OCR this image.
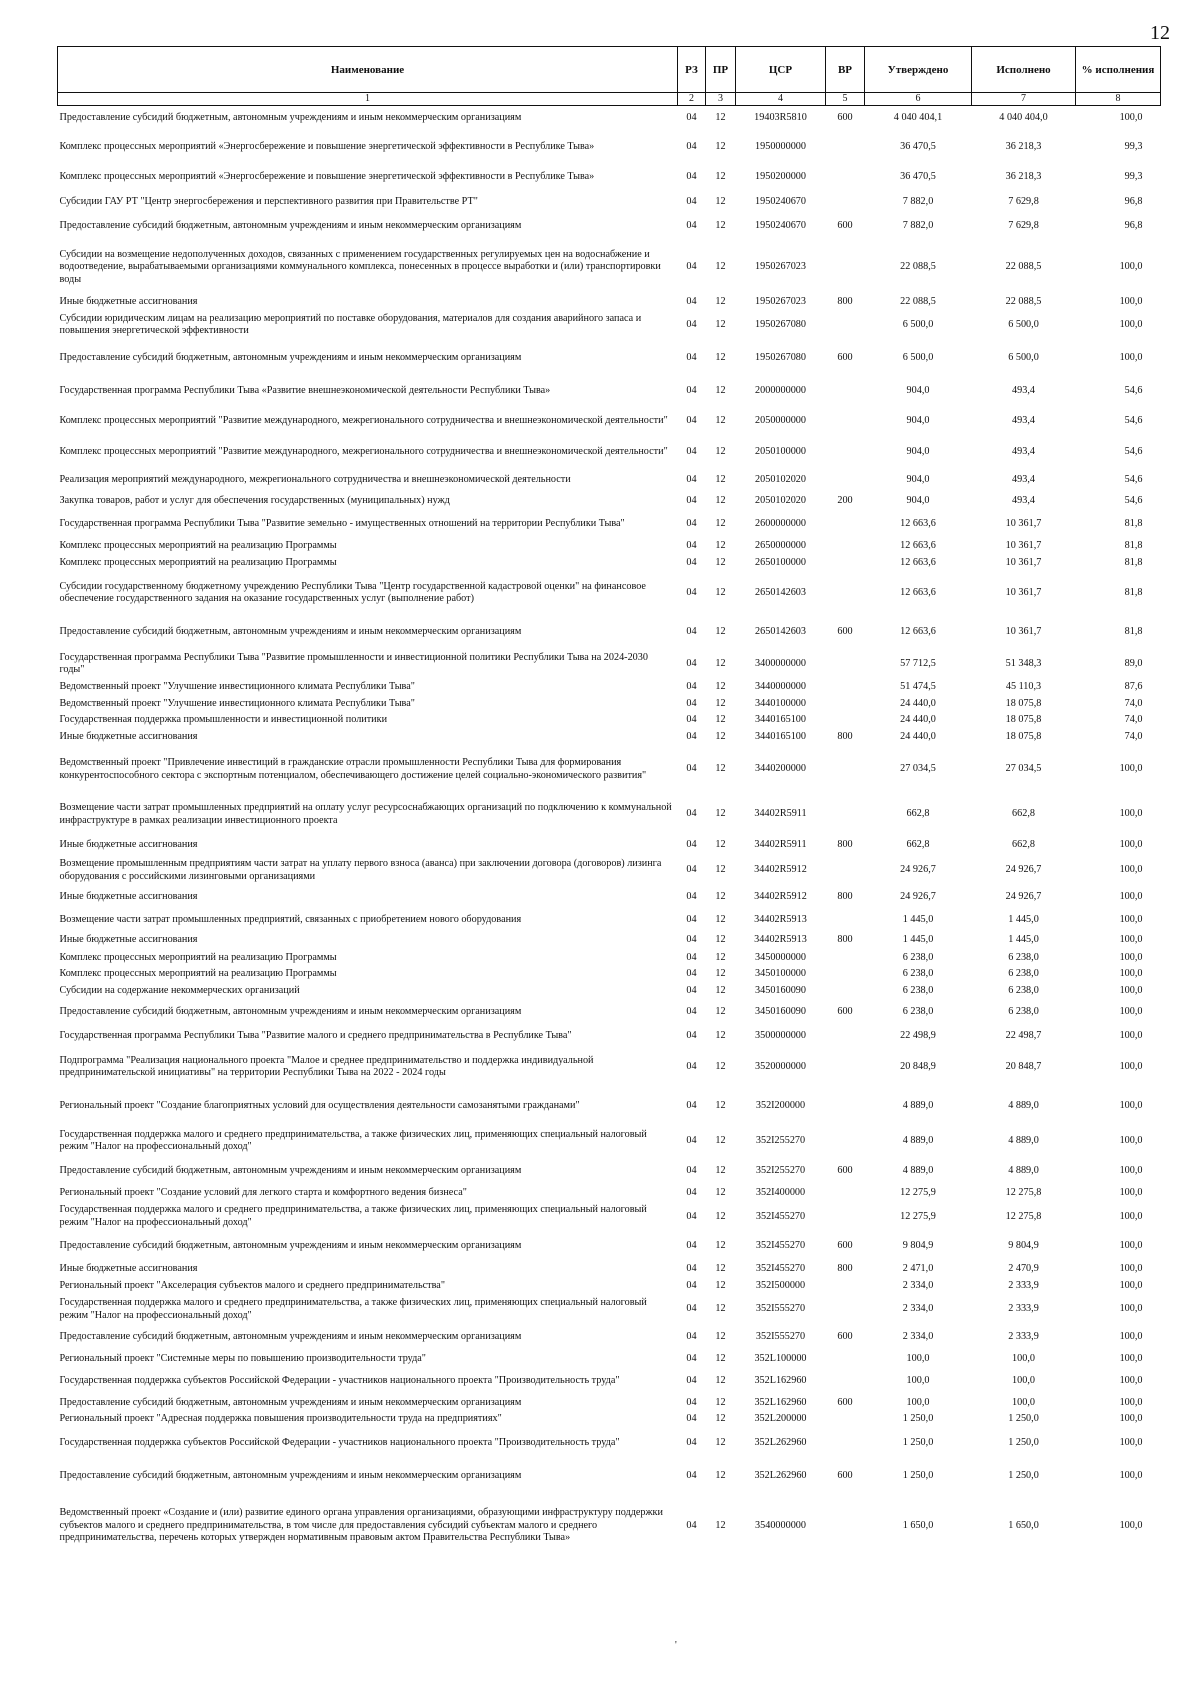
12
Наименование	РЗ	ПР	ЦСР	ВР	Утверждено	Исполнено	% исполнения
1	2	3	4	5	6	7	8
Предоставление субсидий бюджетным, автономным учреждениям и иным некоммерческим организациям	04	12	19403R5810	600	4 040 404,1	4 040 404,0	100,0
Комплекс процессных мероприятий «Энергосбережение и повышение энергетической эффективности в Республике Тыва»	04	12	1950000000		36 470,5	36 218,3	99,3
Комплекс процессных мероприятий «Энергосбережение и повышение энергетической эффективности в Республике Тыва»	04	12	1950200000		36 470,5	36 218,3	99,3
Субсидии ГАУ РТ "Центр энергосбережения и перспективного развития при Правительстве РТ"	04	12	1950240670		7 882,0	7 629,8	96,8
Предоставление субсидий бюджетным, автономным учреждениям и иным некоммерческим организациям	04	12	1950240670	600	7 882,0	7 629,8	96,8
Субсидии на возмещение недополученных доходов, связанных с применением государственных регулируемых цен на водоснабжение и водоотведение, вырабатываемыми организациями коммунального комплекса, понесенных в процессе выработки и (или) транспортировки воды	04	12	1950267023		22 088,5	22 088,5	100,0
Иные бюджетные ассигнования	04	12	1950267023	800	22 088,5	22 088,5	100,0
Субсидии юридическим лицам на реализацию мероприятий по поставке оборудования, материалов для создания аварийного запаса и повышения энергетической эффективности	04	12	1950267080		6 500,0	6 500,0	100,0
Предоставление субсидий бюджетным, автономным учреждениям и иным некоммерческим организациям	04	12	1950267080	600	6 500,0	6 500,0	100,0
Государственная программа Республики Тыва «Развитие внешнеэкономической деятельности Республики Тыва»	04	12	2000000000		904,0	493,4	54,6
Комплекс процессных мероприятий "Развитие международного, межрегионального сотрудничества и внешнеэкономической деятельности"	04	12	2050000000		904,0	493,4	54,6
Комплекс процессных мероприятий "Развитие международного, межрегионального сотрудничества и внешнеэкономической деятельности"	04	12	2050100000		904,0	493,4	54,6
Реализация мероприятий международного, межрегионального сотрудничества и внешнеэкономической деятельности	04	12	2050102020		904,0	493,4	54,6
Закупка товаров, работ и услуг для обеспечения государственных (муниципальных) нужд	04	12	2050102020	200	904,0	493,4	54,6
Государственная программа Республики Тыва "Развитие земельно - имущественных отношений на территории Республики Тыва"	04	12	2600000000		12 663,6	10 361,7	81,8
Комплекс процессных мероприятий на реализацию Программы	04	12	2650000000		12 663,6	10 361,7	81,8
Комплекс процессных мероприятий на реализацию Программы	04	12	2650100000		12 663,6	10 361,7	81,8
Субсидии государственному бюджетному учреждению Республики Тыва "Центр государственной кадастровой оценки" на финансовое обеспечение государственного задания на оказание государственных услуг (выполнение работ)	04	12	2650142603		12 663,6	10 361,7	81,8
Предоставление субсидий бюджетным, автономным учреждениям и иным некоммерческим организациям	04	12	2650142603	600	12 663,6	10 361,7	81,8
Государственная программа Республики Тыва "Развитие промышленности и инвестиционной политики Республики Тыва на 2024-2030 годы"	04	12	3400000000		57 712,5	51 348,3	89,0
Ведомственный проект "Улучшение инвестиционного климата Республики Тыва"	04	12	3440000000		51 474,5	45 110,3	87,6
Ведомственный проект "Улучшение инвестиционного климата Республики Тыва"	04	12	3440100000		24 440,0	18 075,8	74,0
Государственная поддержка промышленности и инвестиционной политики	04	12	3440165100		24 440,0	18 075,8	74,0
Иные бюджетные ассигнования	04	12	3440165100	800	24 440,0	18 075,8	74,0
Ведомственный проект "Привлечение инвестиций в гражданские отрасли промышленности Республики Тыва для формирования конкурентоспособного сектора с экспортным потенциалом, обеспечивающего достижение целей социально-экономического развития"	04	12	3440200000		27 034,5	27 034,5	100,0
Возмещение части затрат промышленных предприятий на оплату услуг ресурсоснабжающих организаций по подключению к коммунальной инфраструктуре в рамках реализации инвестиционного проекта	04	12	34402R5911		662,8	662,8	100,0
Иные бюджетные ассигнования	04	12	34402R5911	800	662,8	662,8	100,0
Возмещение промышленным предприятиям части затрат на уплату первого взноса (аванса) при заключении договора (договоров) лизинга оборудования с российскими лизинговыми организациями	04	12	34402R5912		24 926,7	24 926,7	100,0
Иные бюджетные ассигнования	04	12	34402R5912	800	24 926,7	24 926,7	100,0
Возмещение части затрат промышленных предприятий, связанных с приобретением нового оборудования	04	12	34402R5913		1 445,0	1 445,0	100,0
Иные бюджетные ассигнования	04	12	34402R5913	800	1 445,0	1 445,0	100,0
Комплекс процессных мероприятий на реализацию Программы	04	12	3450000000		6 238,0	6 238,0	100,0
Комплекс процессных мероприятий на реализацию Программы	04	12	3450100000		6 238,0	6 238,0	100,0
Субсидии на содержание некоммерческих организаций	04	12	3450160090		6 238,0	6 238,0	100,0
Предоставление субсидий бюджетным, автономным учреждениям и иным некоммерческим организациям	04	12	3450160090	600	6 238,0	6 238,0	100,0
Государственная программа Республики Тыва "Развитие малого и среднего предпринимательства в Республике Тыва"	04	12	3500000000		22 498,9	22 498,7	100,0
Подпрограмма "Реализация национального проекта "Малое и среднее предпринимательство и поддержка индивидуальной предпринимательской инициативы" на территории Республики Тыва на 2022 - 2024 годы	04	12	3520000000		20 848,9	20 848,7	100,0
Региональный проект "Создание благоприятных условий для осуществления деятельности самозанятыми гражданами"	04	12	352I200000		4 889,0	4 889,0	100,0
Государственная поддержка малого и среднего предпринимательства, а также физических лиц, применяющих специальный налоговый режим "Налог на профессиональный доход"	04	12	352I255270		4 889,0	4 889,0	100,0
Предоставление субсидий бюджетным, автономным учреждениям и иным некоммерческим организациям	04	12	352I255270	600	4 889,0	4 889,0	100,0
Региональный проект "Создание условий для легкого старта и комфортного ведения бизнеса"	04	12	352I400000		12 275,9	12 275,8	100,0
Государственная поддержка малого и среднего предпринимательства, а также физических лиц, применяющих специальный налоговый режим "Налог на профессиональный доход"	04	12	352I455270		12 275,9	12 275,8	100,0
Предоставление субсидий бюджетным, автономным учреждениям и иным некоммерческим организациям	04	12	352I455270	600	9 804,9	9 804,9	100,0
Иные бюджетные ассигнования	04	12	352I455270	800	2 471,0	2 470,9	100,0
Региональный проект "Акселерация субъектов малого и среднего предпринимательства"	04	12	352I500000		2 334,0	2 333,9	100,0
Государственная поддержка малого и среднего предпринимательства, а также физических лиц, применяющих специальный налоговый режим "Налог на профессиональный доход"	04	12	352I555270		2 334,0	2 333,9	100,0
Предоставление субсидий бюджетным, автономным учреждениям и иным некоммерческим организациям	04	12	352I555270	600	2 334,0	2 333,9	100,0
Региональный проект "Системные меры по повышению производительности труда"	04	12	352L100000		100,0	100,0	100,0
Государственная поддержка субъектов Российской Федерации - участников национального проекта "Производительность труда"	04	12	352L162960		100,0	100,0	100,0
Предоставление субсидий бюджетным, автономным учреждениям и иным некоммерческим организациям	04	12	352L162960	600	100,0	100,0	100,0
Региональный проект "Адресная поддержка повышения производительности труда на предприятиях"	04	12	352L200000		1 250,0	1 250,0	100,0
Государственная поддержка субъектов Российской Федерации - участников национального проекта "Производительность труда"	04	12	352L262960		1 250,0	1 250,0	100,0
Предоставление субсидий бюджетным, автономным учреждениям и иным некоммерческим организациям	04	12	352L262960	600	1 250,0	1 250,0	100,0
Ведомственный проект «Создание и (или) развитие единого органа управления организациями, образующими инфраструктуру поддержки субъектов малого и среднего предпринимательства, в том числе для предоставления субсидий субъектам малого и среднего предпринимательства, перечень которых утвержден нормативным правовым актом Правительства Республики Тыва»	04	12	3540000000		1 650,0	1 650,0	100,0
'
